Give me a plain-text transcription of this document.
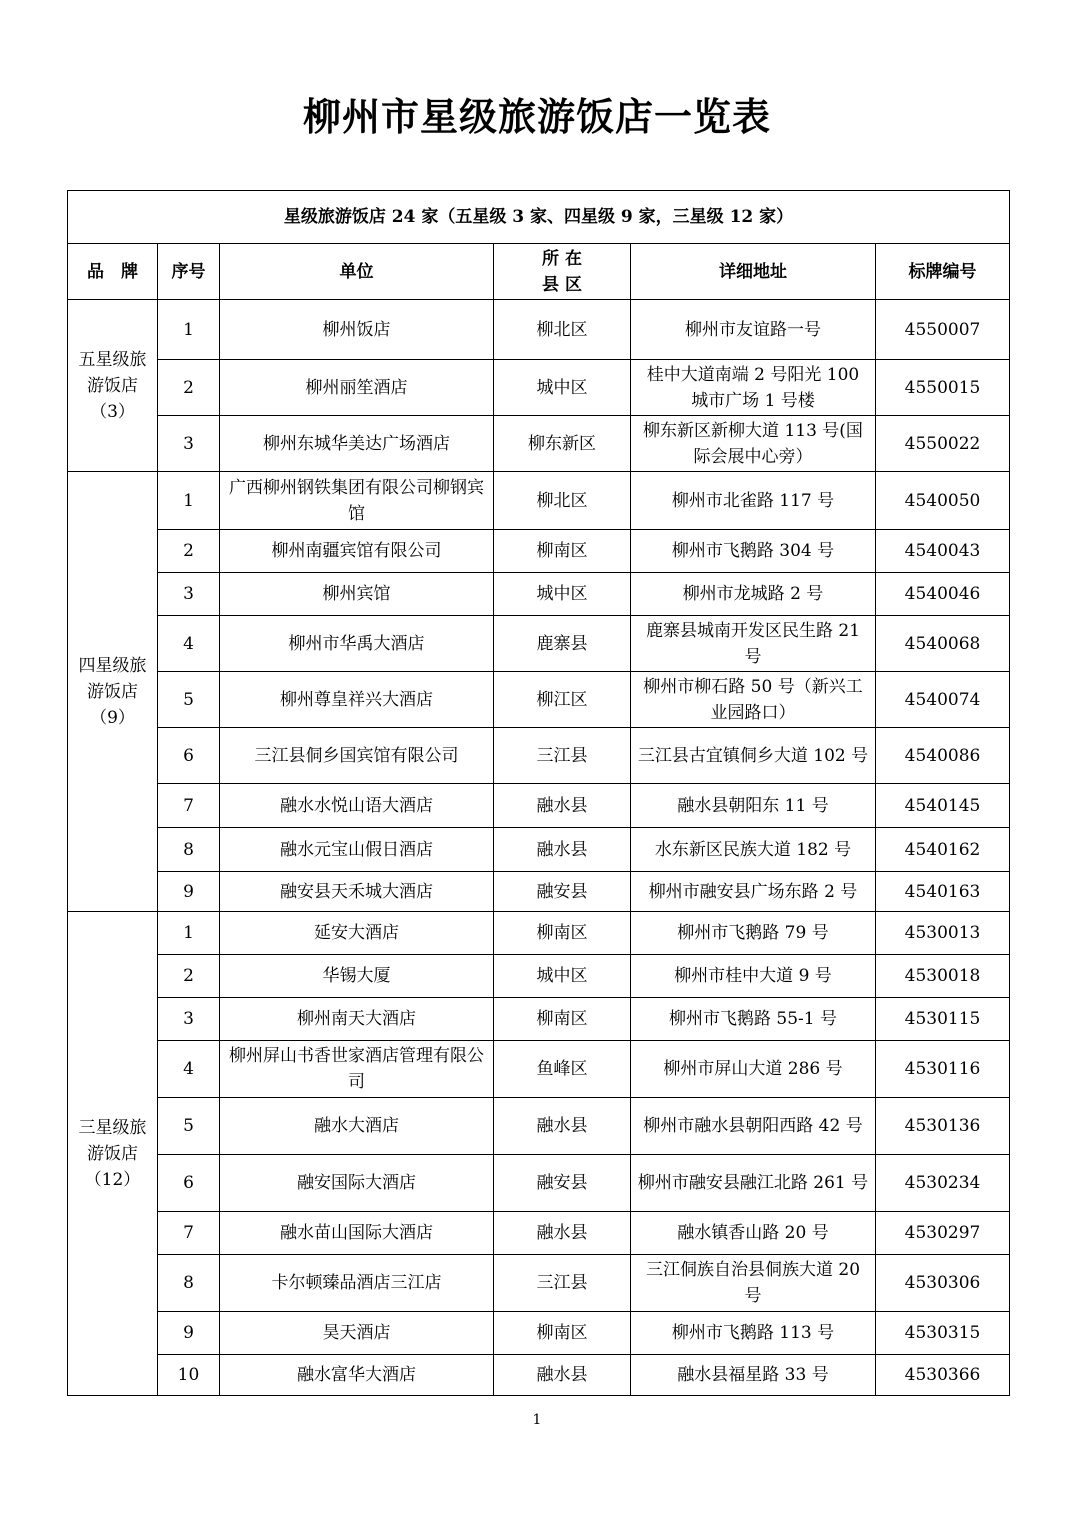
柳州市星级旅游饭店一览表
星级旅游饭店 24 家（五星级 3 家、四星级 9 家，三星级 12 家）					
品　牌	序号	单位	所 在 县 区	详细地址	标牌编号
五星级旅游饭店（3）	1	柳州饭店	柳北区	柳州市友谊路一号	4550007
	2	柳州丽笙酒店	城中区	桂中大道南端 2 号阳光 100 城市广场 1 号楼	4550015
	3	柳州东城华美达广场酒店	柳东新区	柳东新区新柳大道 113 号(国际会展中心旁）	4550022
四星级旅游饭店（9）	1	广西柳州钢铁集团有限公司柳钢宾馆	柳北区	柳州市北雀路 117 号	4540050
	2	柳州南疆宾馆有限公司	柳南区	柳州市飞鹅路 304 号	4540043
	3	柳州宾馆	城中区	柳州市龙城路 2 号	4540046
	4	柳州市华禹大酒店	鹿寨县	鹿寨县城南开发区民生路 21 号	4540068
	5	柳州尊皇祥兴大酒店	柳江区	柳州市柳石路 50 号（新兴工业园路口）	4540074
	6	三江县侗乡国宾馆有限公司	三江县	三江县古宜镇侗乡大道 102 号	4540086
	7	融水水悦山语大酒店	融水县	融水县朝阳东 11 号	4540145
	8	融水元宝山假日酒店	融水县	水东新区民族大道 182 号	4540162
	9	融安县天禾城大酒店	融安县	柳州市融安县广场东路 2 号	4540163
三星级旅游饭店（12）	1	延安大酒店	柳南区	柳州市飞鹅路 79 号	4530013
	2	华锡大厦	城中区	柳州市桂中大道 9 号	4530018
	3	柳州南天大酒店	柳南区	柳州市飞鹅路 55-1 号	4530115
	4	柳州屏山书香世家酒店管理有限公司	鱼峰区	柳州市屏山大道 286 号	4530116
	5	融水大酒店	融水县	柳州市融水县朝阳西路 42 号	4530136
	6	融安国际大酒店	融安县	柳州市融安县融江北路 261 号	4530234
	7	融水苗山国际大酒店	融水县	融水镇香山路 20 号	4530297
	8	卡尔顿臻品酒店三江店	三江县	三江侗族自治县侗族大道 20 号	4530306
	9	昊天酒店	柳南区	柳州市飞鹅路 113 号	4530315
	10	融水富华大酒店	融水县	融水县福星路 33 号	4530366
1
